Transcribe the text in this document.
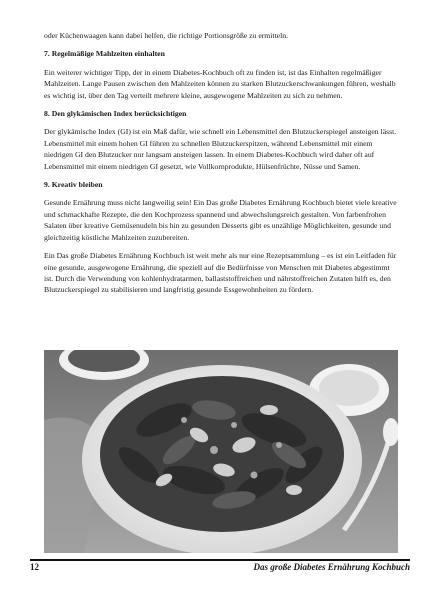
oder Küchenwaagen kann dabei helfen, die richtige Portionsgröße zu ermitteln.

7. Regelmäßige Mahlzeiten einhalten

Ein weiterer wichtiger Tipp, der in einem Diabetes-Kochbuch oft zu finden ist, ist das Einhalten regelmäßiger Mahlzeiten. Lange Pausen zwischen den Mahlzeiten können zu starken Blutzuckerschwankungen führen, weshalb es wichtig ist, über den Tag verteilt mehrere kleine, ausgewogene Mahlzeiten zu sich zu nehmen.

8. Den glykämischen Index berücksichtigen

Der glykämische Index (GI) ist ein Maß dafür, wie schnell ein Lebensmittel den Blutzuckerspiegel ansteigen lässt. Lebensmittel mit einem hohen GI führen zu schnellen Blutzuckerspitzen, während Lebensmittel mit einem niedrigen GI den Blutzucker nur langsam ansteigen lassen. In einem Diabetes-Kochbuch wird daher oft auf Lebensmittel mit einem niedrigen GI gesetzt, wie Vollkornprodukte, Hülsenfrüchte, Nüsse und Samen.

9. Kreativ bleiben

Gesunde Ernährung muss nicht langweilig sein! Ein Das große Diabetes Ernährung Kochbuch bietet viele kreative und schmackhafte Rezepte, die den Kochprozess spannend und abwechslungsreich gestalten. Von farbenfrohen Salaten über kreative Gemüsenudeln bis hin zu gesunden Desserts gibt es unzählige Möglichkeiten, gesunde und gleichzeitig köstliche Mahlzeiten zuzubereiten.

Ein Das große Diabetes Ernährung Kochbuch ist weit mehr als nur eine Rezeptsammlung – es ist ein Leitfaden für eine gesunde, ausgewogene Ernährung, die speziell auf die Bedürfnisse von Menschen mit Diabetes abgestimmt ist. Durch die Verwendung von kohlenhydratarmen, ballaststoffreichen und nährstoffreichen Zutaten hilft es, den Blutzuckerspiegel zu stabilisieren und langfristig gesunde Essgewohnheiten zu fördern.

12	Das große Diabetes Ernährung Kochbuch
